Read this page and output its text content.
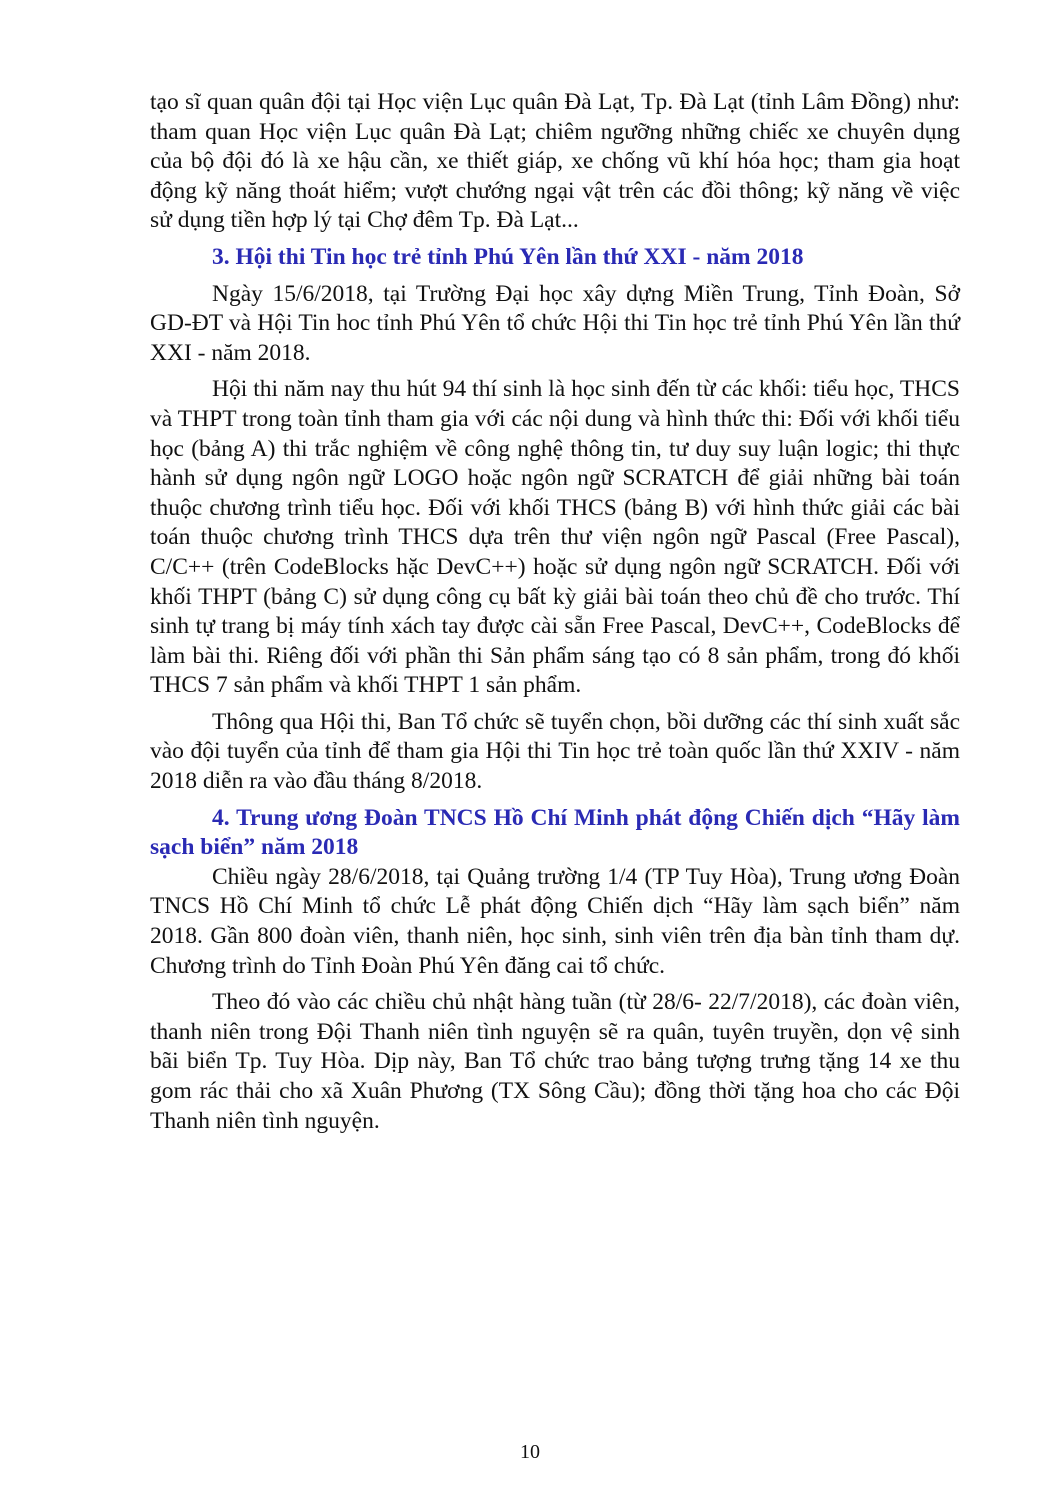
tạo sĩ quan quân đội tại Học viện Lục quân Đà Lạt, Tp. Đà Lạt (tỉnh Lâm Đồng) như: tham quan Học viện Lục quân Đà Lạt; chiêm ngưỡng những chiếc xe chuyên dụng của bộ đội đó là xe hậu cần, xe thiết giáp, xe chống vũ khí hóa học; tham gia hoạt động kỹ năng thoát hiểm; vượt chướng ngại vật trên các đồi thông; kỹ năng về việc sử dụng tiền hợp lý tại Chợ đêm Tp. Đà Lạt...

3. Hội thi Tin học trẻ tỉnh Phú Yên lần thứ XXI - năm 2018

Ngày 15/6/2018, tại Trường Đại học xây dựng Miền Trung, Tỉnh Đoàn, Sở GD-ĐT và Hội Tin hoc tỉnh Phú Yên tổ chức Hội thi Tin học trẻ tỉnh Phú Yên lần thứ XXI - năm 2018.

Hội thi năm nay thu hút 94 thí sinh là học sinh đến từ các khối: tiểu học, THCS và THPT trong toàn tỉnh tham gia với các nội dung và hình thức thi: Đối với khối tiểu học (bảng A) thi trắc nghiệm về công nghệ thông tin, tư duy suy luận logic; thi thực hành sử dụng ngôn ngữ LOGO hoặc ngôn ngữ SCRATCH để giải những bài toán thuộc chương trình tiểu học. Đối với khối THCS (bảng B) với hình thức giải các bài toán thuộc chương trình THCS dựa trên thư viện ngôn ngữ Pascal (Free Pascal), C/C++ (trên CodeBlocks hặc DevC++) hoặc sử dụng ngôn ngữ SCRATCH. Đối với khối THPT (bảng C) sử dụng công cụ bất kỳ giải bài toán theo chủ đề cho trước. Thí sinh tự trang bị máy tính xách tay được cài sẵn Free Pascal, DevC++, CodeBlocks để làm bài thi. Riêng đối với phần thi Sản phẩm sáng tạo có 8 sản phẩm, trong đó khối THCS 7 sản phẩm và khối THPT 1 sản phẩm.

Thông qua Hội thi, Ban Tổ chức sẽ tuyển chọn, bồi dưỡng các thí sinh xuất sắc vào đội tuyển của tỉnh để tham gia Hội thi Tin học trẻ toàn quốc lần thứ XXIV - năm 2018 diễn ra vào đầu tháng 8/2018.

4. Trung ương Đoàn TNCS Hồ Chí Minh phát động Chiến dịch “Hãy làm sạch biển” năm 2018

Chiều ngày 28/6/2018, tại Quảng trường 1/4 (TP Tuy Hòa), Trung ương Đoàn TNCS Hồ Chí Minh tổ chức Lễ phát động Chiến dịch “Hãy làm sạch biển” năm 2018. Gần 800 đoàn viên, thanh niên, học sinh, sinh viên trên địa bàn tỉnh tham dự. Chương trình do Tỉnh Đoàn Phú Yên đăng cai tổ chức.

Theo đó vào các chiều chủ nhật hàng tuần (từ 28/6- 22/7/2018), các đoàn viên, thanh niên trong Đội Thanh niên tình nguyện sẽ ra quân, tuyên truyền, dọn vệ sinh bãi biển Tp. Tuy Hòa. Dịp này, Ban Tổ chức trao bảng tượng trưng tặng 14 xe thu gom rác thải cho xã Xuân Phương (TX Sông Cầu); đồng thời tặng hoa cho các Đội Thanh niên tình nguyện.

10
